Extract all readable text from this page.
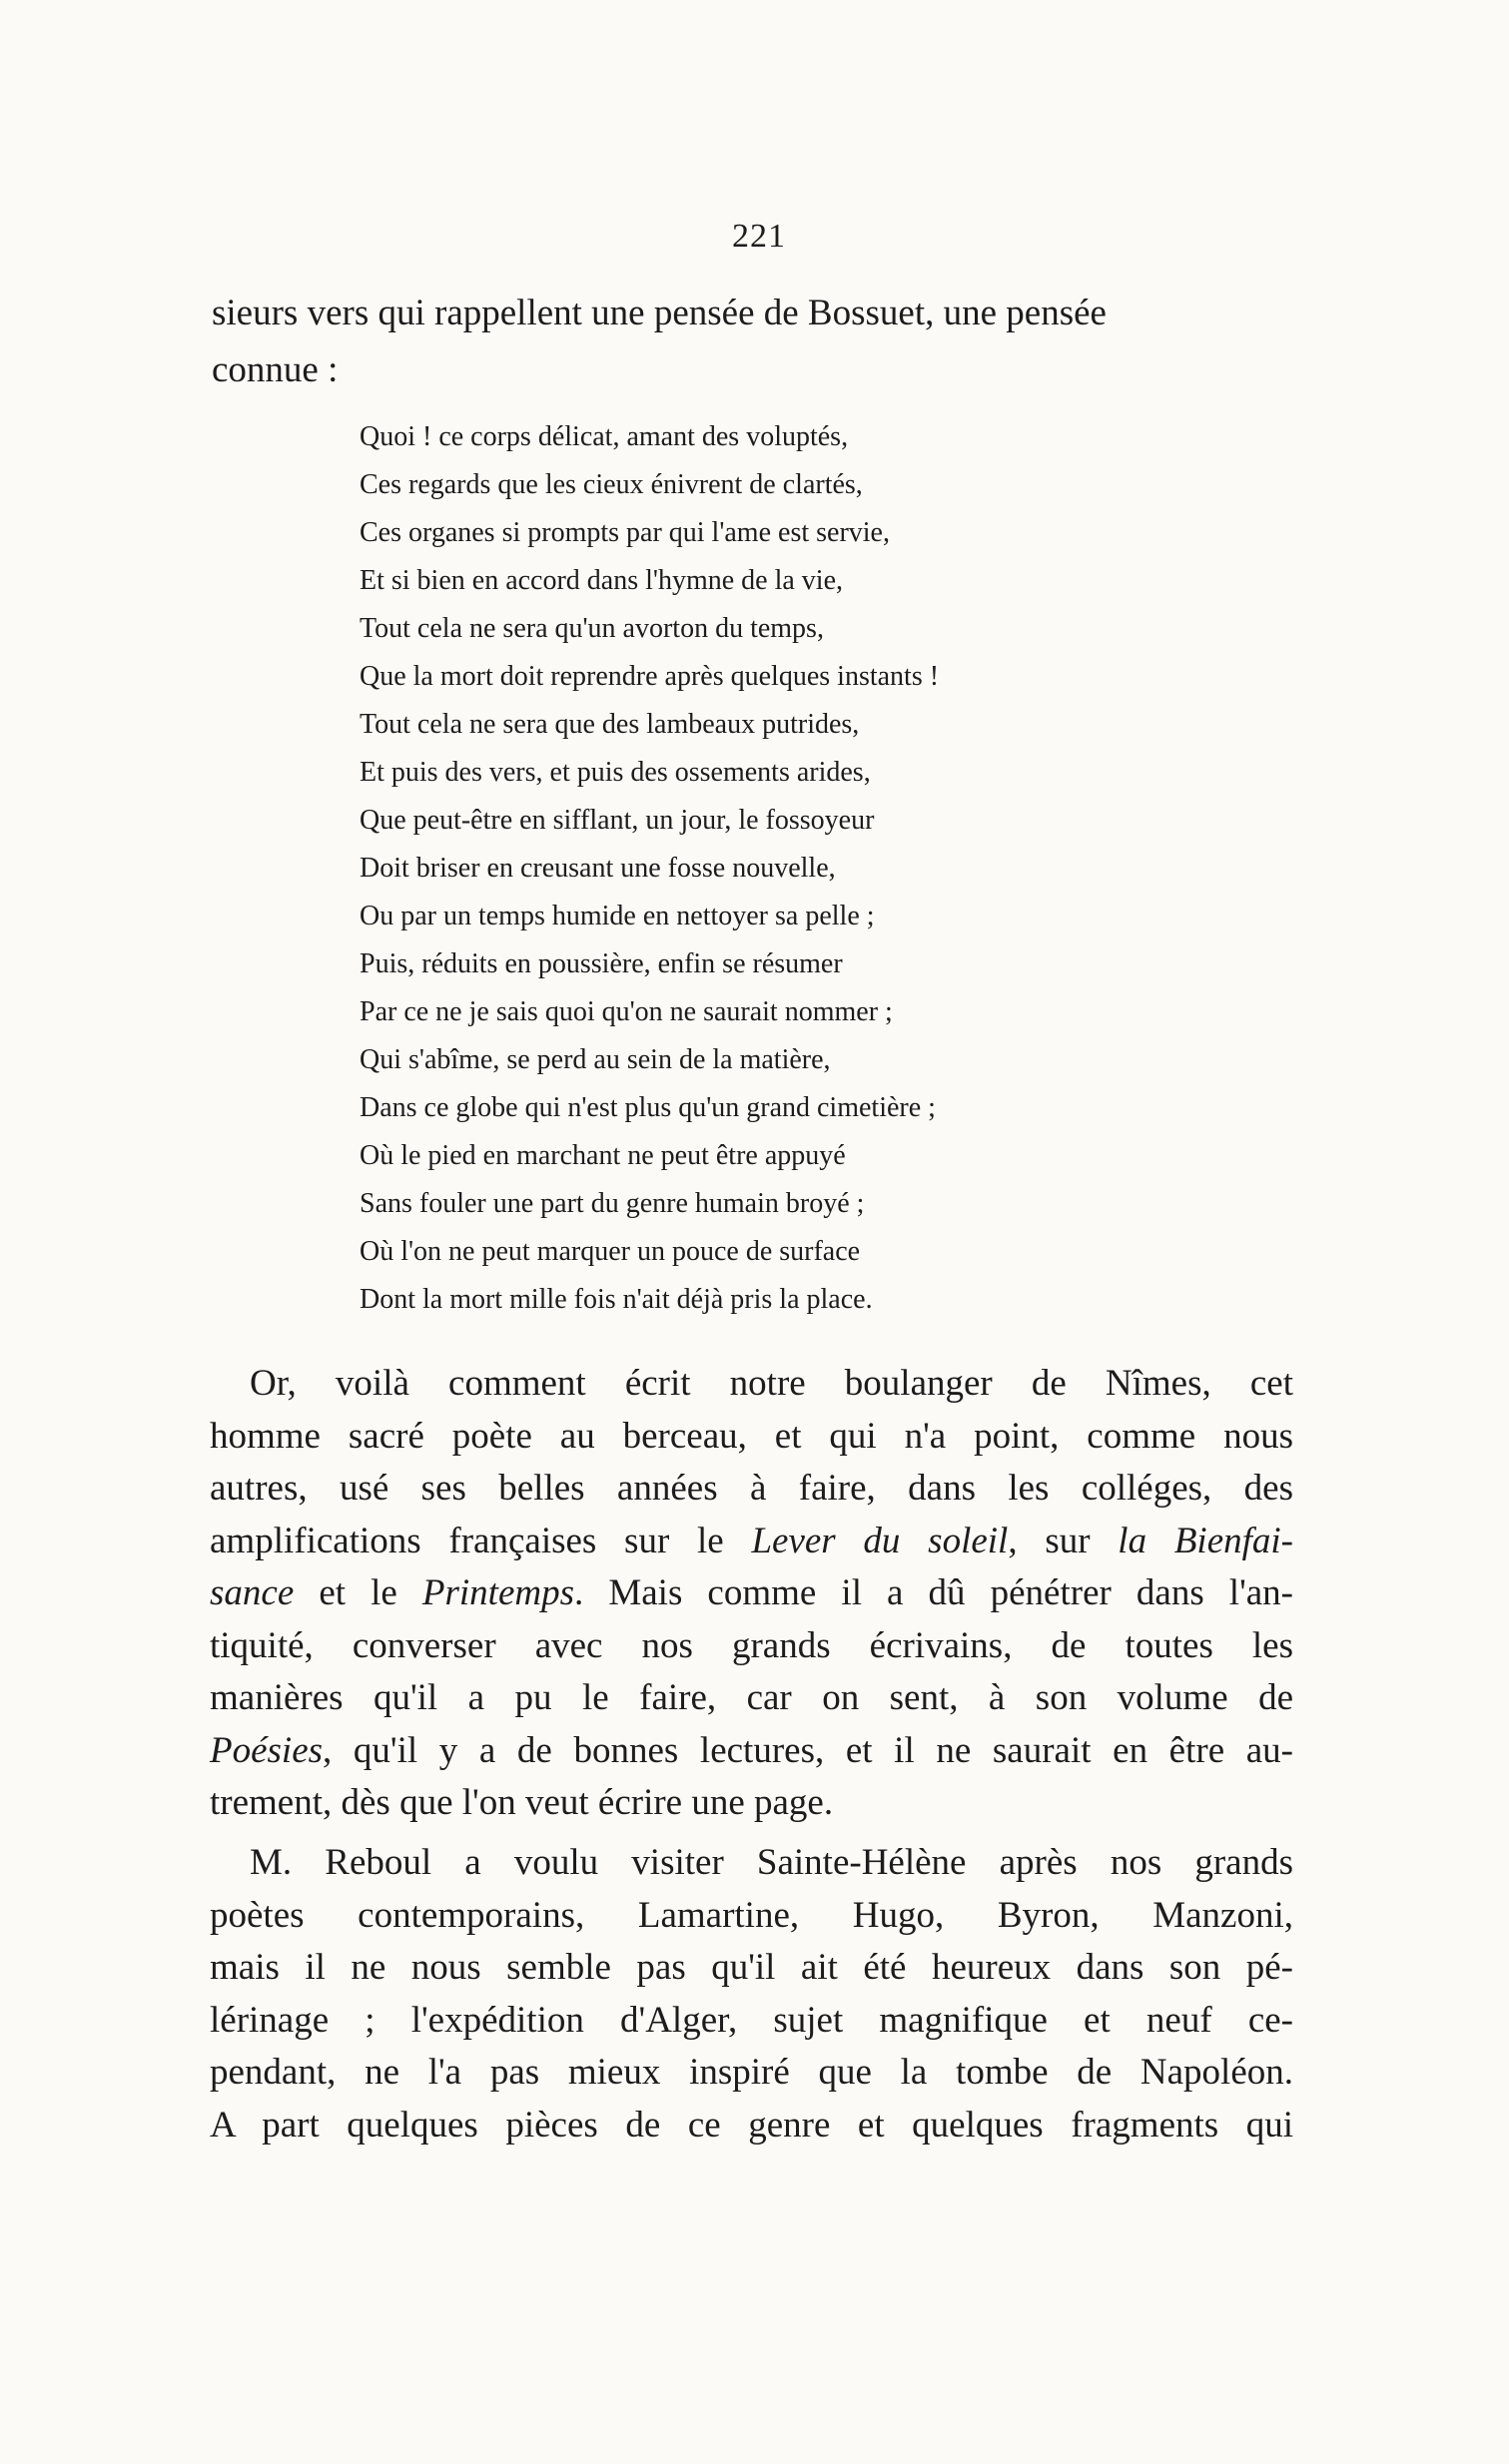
221
sieurs vers qui rappellent une pensée de Bossuet, une pensée
connue :
Quoi ! ce corps délicat, amant des voluptés,
Ces regards que les cieux énivrent de clartés,
Ces organes si prompts par qui l'ame est servie,
Et si bien en accord dans l'hymne de la vie,
Tout cela ne sera qu'un avorton du temps,
Que la mort doit reprendre après quelques instants !
Tout cela ne sera que des lambeaux putrides,
Et puis des vers, et puis des ossements arides,
Que peut-être en sifflant, un jour, le fossoyeur
Doit briser en creusant une fosse nouvelle,
Ou par un temps humide en nettoyer sa pelle ;
Puis, réduits en poussière, enfin se résumer
Par ce ne je sais quoi qu'on ne saurait nommer ;
Qui s'abîme, se perd au sein de la matière,
Dans ce globe qui n'est plus qu'un grand cimetière ;
Où le pied en marchant ne peut être appuyé
Sans fouler une part du genre humain broyé ;
Où l'on ne peut marquer un pouce de surface
Dont la mort mille fois n'ait déjà pris la place.
Or, voilà comment écrit notre boulanger de Nîmes, cet
homme sacré poète au berceau, et qui n'a point, comme nous
autres, usé ses belles années à faire, dans les colléges, des
amplifications françaises sur le Lever du soleil, sur la Bienfai-
sance et le Printemps. Mais comme il a dû pénétrer dans l'an-
tiquité, converser avec nos grands écrivains, de toutes les
manières qu'il a pu le faire, car on sent, à son volume de
Poésies, qu'il y a de bonnes lectures, et il ne saurait en être au-
trement, dès que l'on veut écrire une page.
M. Reboul a voulu visiter Sainte-Hélène après nos grands
poètes contemporains, Lamartine, Hugo, Byron, Manzoni,
mais il ne nous semble pas qu'il ait été heureux dans son pé-
lérinage ; l'expédition d'Alger, sujet magnifique et neuf ce-
pendant, ne l'a pas mieux inspiré que la tombe de Napoléon.
A part quelques pièces de ce genre et quelques fragments qui
